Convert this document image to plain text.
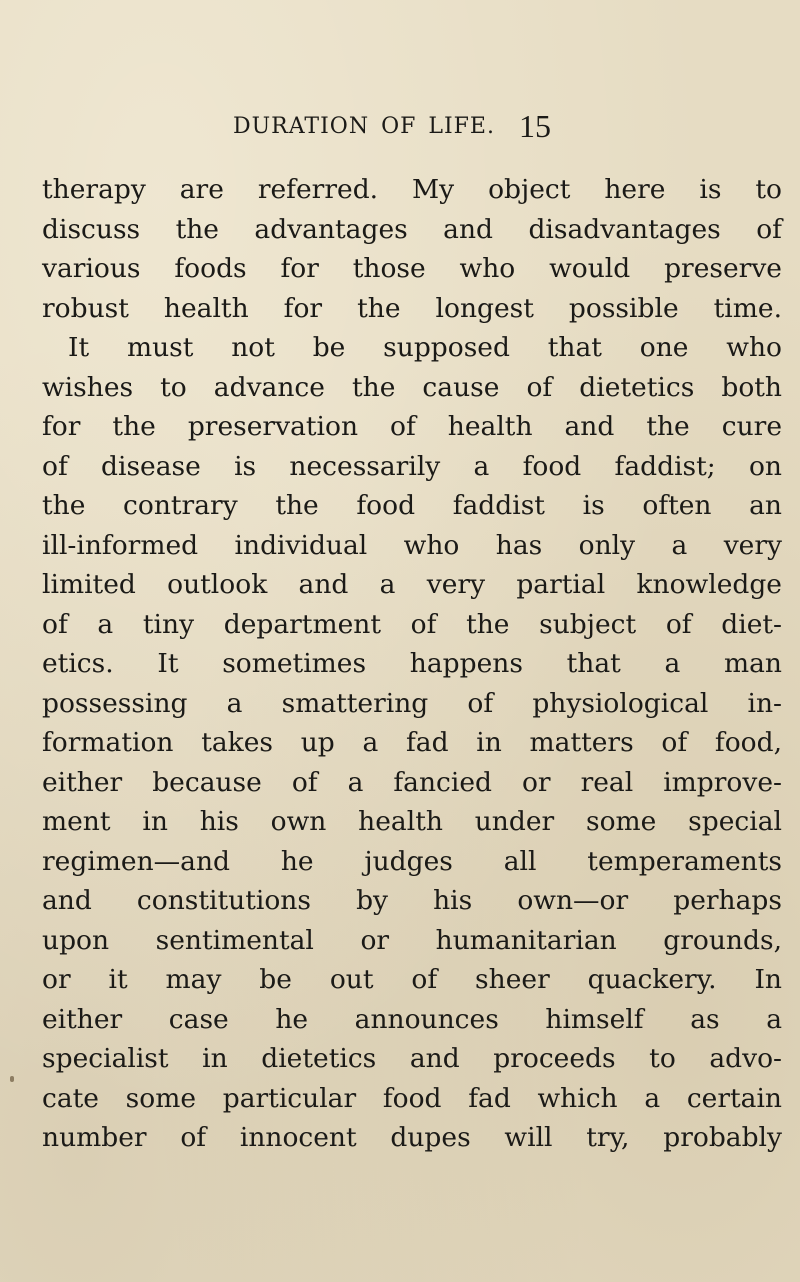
DURATION OF LIFE. 15
therapy are referred. My object here is to
discuss the advantages and disadvantages of
various foods for those who would preserve
robust health for the longest possible time.
It must not be supposed that one who
wishes to advance the cause of dietetics both
for the preservation of health and the cure
of disease is necessarily a food faddist; on
the contrary the food faddist is often an
ill-informed individual who has only a very
limited outlook and a very partial knowledge
of a tiny department of the subject of diet-
etics. It sometimes happens that a man
possessing a smattering of physiological in-
formation takes up a fad in matters of food,
either because of a fancied or real improve-
ment in his own health under some special
regimen—and he judges all temperaments
and constitutions by his own—or perhaps
upon sentimental or humanitarian grounds,
or it may be out of sheer quackery. In
either case he announces himself as a
specialist in dietetics and proceeds to advo-
cate some particular food fad which a certain
number of innocent dupes will try, probably
